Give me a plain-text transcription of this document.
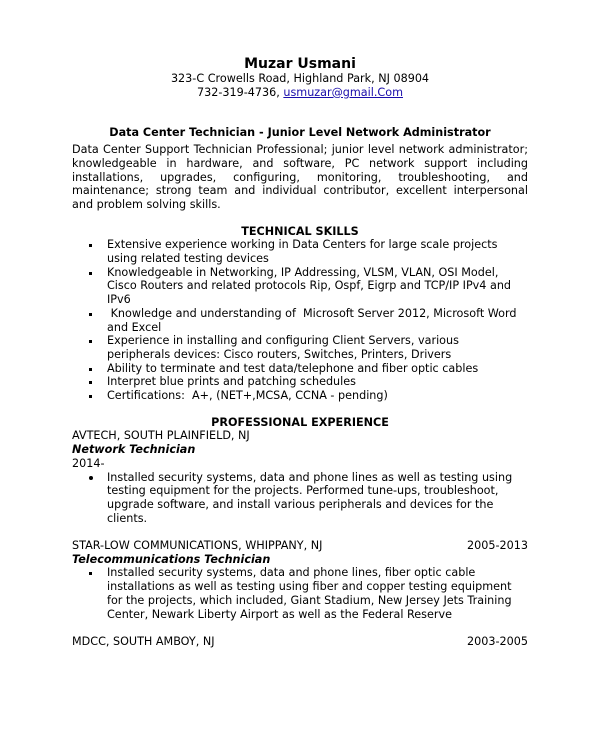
Muzar Usmani
323-C Crowells Road, Highland Park, NJ 08904
732-319-4736, usmuzar@gmail.Com
Data Center Technician - Junior Level Network Administrator
Data Center Support Technician Professional; junior level network administrator; knowledgeable in hardware, and software, PC network support including installations, upgrades, configuring, monitoring, troubleshooting, and maintenance; strong team and individual contributor, excellent interpersonal and problem solving skills.
TECHNICAL SKILLS
Extensive experience working in Data Centers for large scale projects using related testing devices
Knowledgeable in Networking, IP Addressing, VLSM, VLAN, OSI Model, Cisco Routers and related protocols Rip, Ospf, Eigrp and TCP/IP IPv4 and IPv6
Knowledge and understanding of  Microsoft Server 2012, Microsoft Word and Excel
Experience in installing and configuring Client Servers, various peripherals devices: Cisco routers, Switches, Printers, Drivers
Ability to terminate and test data/telephone and fiber optic cables
Interpret blue prints and patching schedules
Certifications:  A+, (NET+,MCSA, CCNA - pending)
PROFESSIONAL EXPERIENCE
AVTECH, SOUTH PLAINFIELD, NJ
Network Technician
2014-
Installed security systems, data and phone lines as well as testing using testing equipment for the projects. Performed tune-ups, troubleshoot, upgrade software, and install various peripherals and devices for the clients.
STAR-LOW COMMUNICATIONS, WHIPPANY, NJ	2005-2013
Telecommunications Technician
Installed security systems, data and phone lines, fiber optic cable installations as well as testing using fiber and copper testing equipment for the projects, which included, Giant Stadium, New Jersey Jets Training Center, Newark Liberty Airport as well as the Federal Reserve
MDCC, SOUTH AMBOY, NJ	2003-2005
